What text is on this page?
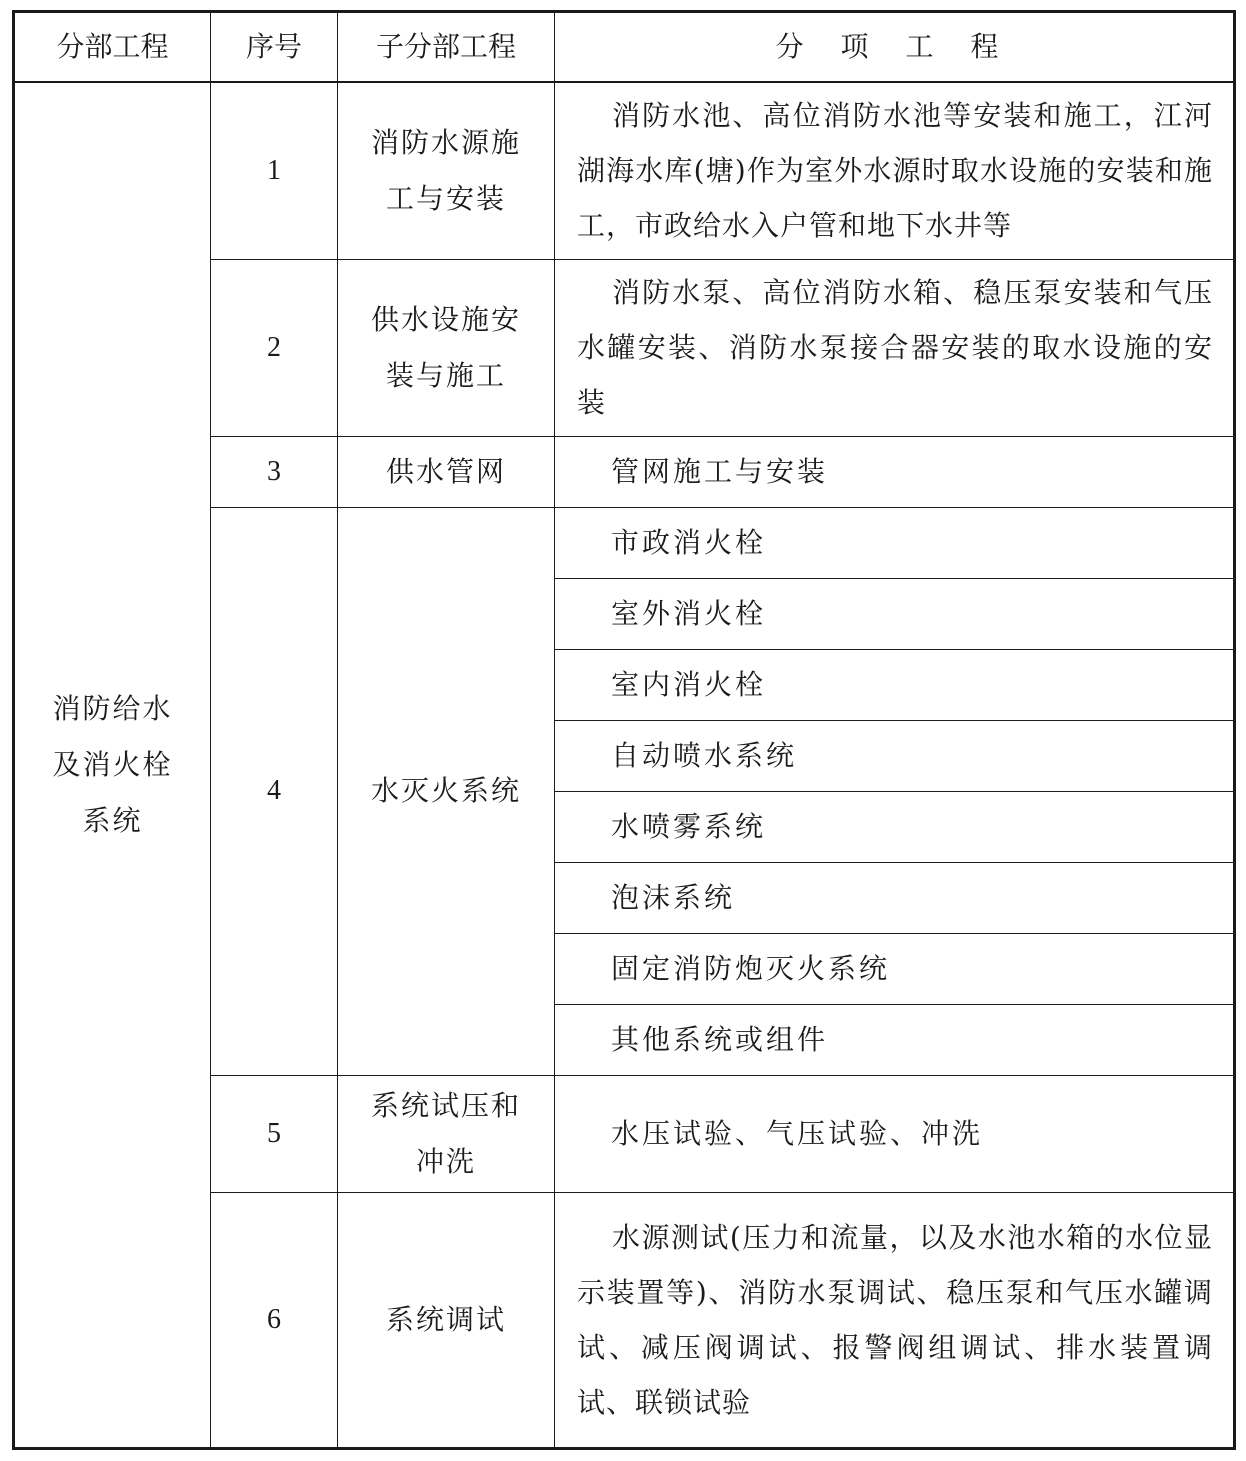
分部工程	序号	子分部工程	分 项 工 程
消防给水及消火栓系统	1	消防水源施工与安装	消防水池、高位消防水池等安装和施工，江河湖海水库(塘)作为室外水源时取水设施的安装和施工，市政给水入户管和地下水井等
	2	供水设施安装与施工	消防水泵、高位消防水箱、稳压泵安装和气压水罐安装、消防水泵接合器安装的取水设施的安装
	3	供水管网	管网施工与安装
	4	水灭火系统	市政消火栓
			室外消火栓
			室内消火栓
			自动喷水系统
			水喷雾系统
			泡沫系统
			固定消防炮灭火系统
			其他系统或组件
	5	系统试压和冲洗	水压试验、气压试验、冲洗
	6	系统调试	水源测试(压力和流量，以及水池水箱的水位显示装置等)、消防水泵调试、稳压泵和气压水罐调试、减压阀调试、报警阀组调试、排水装置调试、联锁试验
